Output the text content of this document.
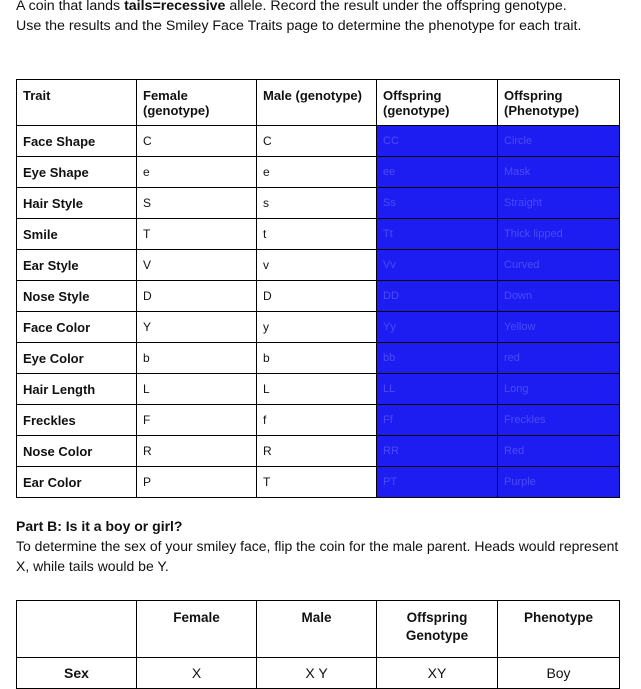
A coin that lands tails=recessive allele. Record the result under the offspring genotype.
Use the results and the Smiley Face Traits page to determine the phenotype for each trait.
Trait	Female (genotype)	Male (genotype)	Offspring (genotype)	Offspring (Phenotype)
Face Shape	C	C	CC	Circle
Eye Shape	e	e	ee	Mask
Hair Style	S	s	Ss	Straight
Smile	T	t	Tt	Thick lipped
Ear Style	V	v	Vv	Curved
Nose Style	D	D	DD	Down
Face Color	Y	y	Yy	Yellow
Eye Color	b	b	bb	red
Hair Length	L	L	LL	Long
Freckles	F	f	Ff	Freckles
Nose Color	R	R	RR	Red
Ear Color	P	T	PT	Purple
Part B: Is it a boy or girl?
To determine the sex of your smiley face, flip the coin for the male parent. Heads would represent X, while tails would be Y.
	Female	Male	Offspring Genotype	Phenotype
Sex	X	X Y	XY	Boy
